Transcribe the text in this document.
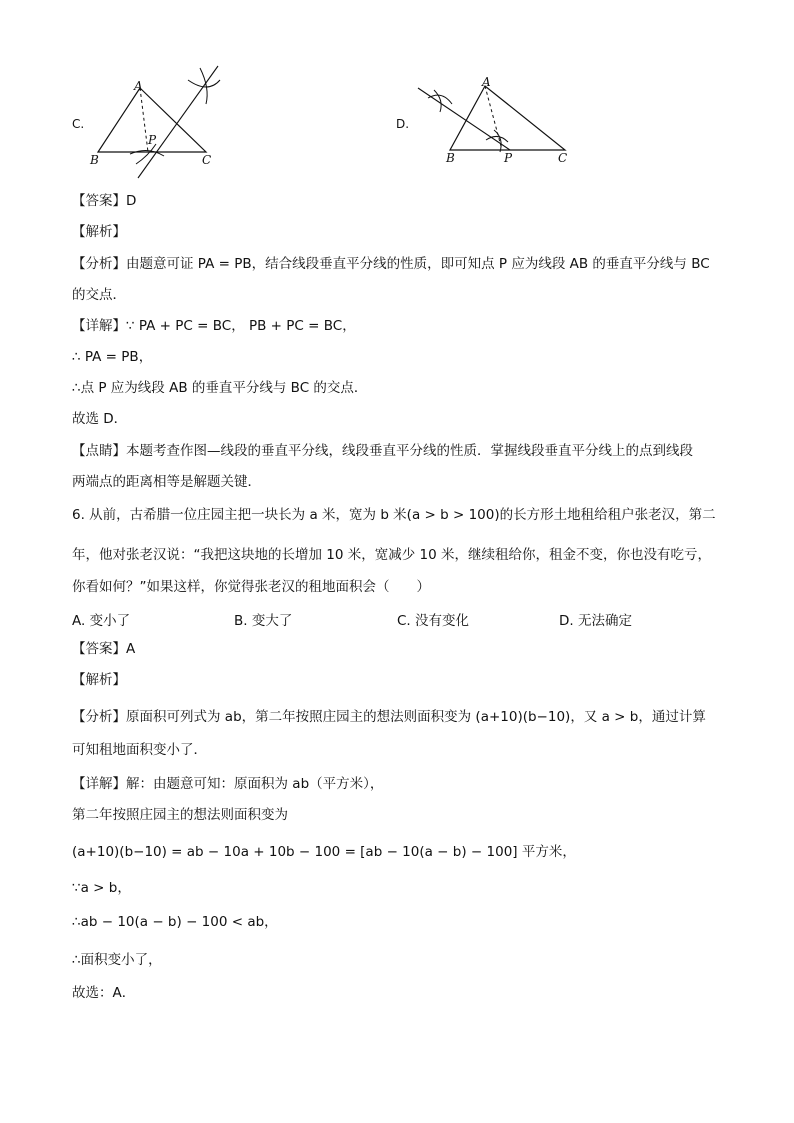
C.
A
B	C
P
D.
A
B	C
P
【答案】D
【解析】
【分析】由题意可证 PA = PB，结合线段垂直平分线的性质，即可知点 P 应为线段 AB 的垂直平分线与 BC
的交点．
【详解】∵ PA + PC = BC， PB + PC = BC，
∴ PA = PB，
∴点 P 应为线段 AB 的垂直平分线与 BC 的交点．
故选 D．
【点睛】本题考查作图—线段的垂直平分线，线段垂直平分线的性质．掌握线段垂直平分线上的点到线段
两端点的距离相等是解题关键．
6. 从前，古希腊一位庄园主把一块长为 a 米，宽为 b 米(a > b > 100)的长方形土地租给租户张老汉，第二
年，他对张老汉说：“我把这块地的长增加 10 米，宽减少 10 米，继续租给你，租金不变，你也没有吃亏，
你看如何？”如果这样，你觉得张老汉的租地面积会（　　）
A. 变小了	B. 变大了	C. 没有变化	D. 无法确定
【答案】A
【解析】
【分析】原面积可列式为 ab，第二年按照庄园主的想法则面积变为 (a+10)(b−10)，又 a > b，通过计算
可知租地面积变小了．
【详解】解：由题意可知：原面积为 ab（平方米），
第二年按照庄园主的想法则面积变为
(a+10)(b−10) = ab − 10a + 10b − 100 = [ab − 10(a − b) − 100] 平方米，
∵a > b，
∴ab − 10(a − b) − 100 < ab，
∴面积变小了，
故选：A．
